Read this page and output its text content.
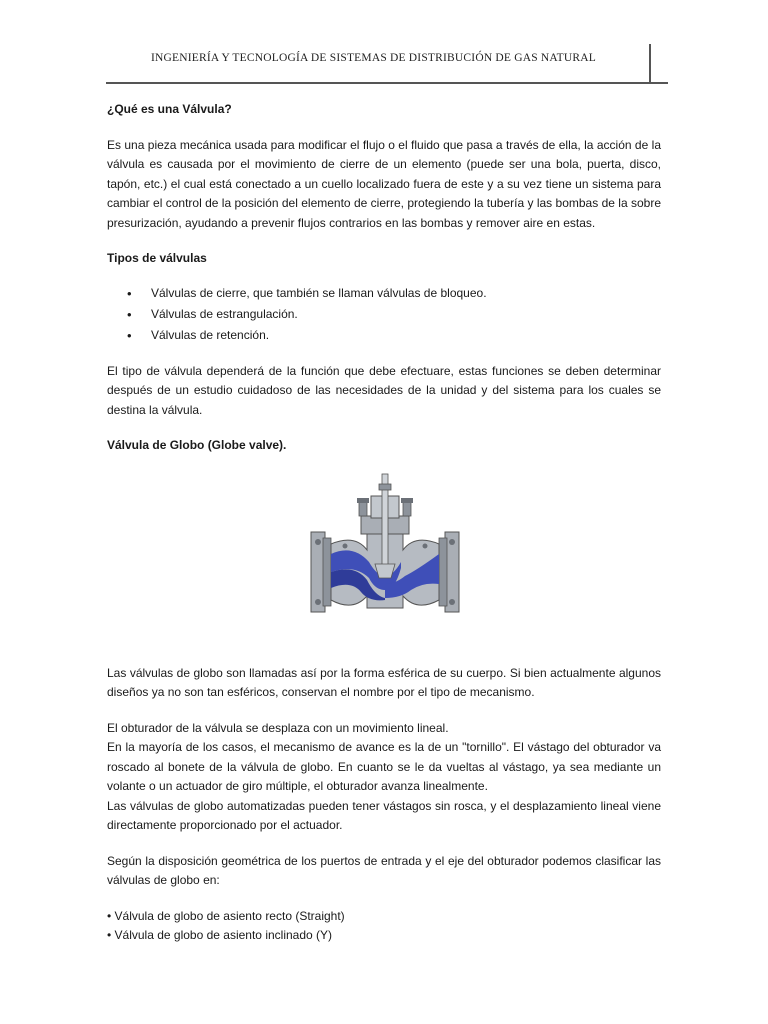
INGENIERÍA Y TECNOLOGÍA DE SISTEMAS DE DISTRIBUCIÓN DE GAS NATURAL

¿Qué es una Válvula?

Es una pieza mecánica usada para modificar el flujo o el fluido que pasa a través de ella, la acción de la válvula es causada por el movimiento de cierre de un elemento (puede ser una bola, puerta, disco, tapón, etc.) el cual está conectado a un cuello localizado fuera de este y a su vez tiene un sistema para cambiar el control de la posición del elemento de cierre, protegiendo la tubería y las bombas de la sobre presurización, ayudando a prevenir flujos contrarios en las bombas y remover aire en estas.

Tipos de válvulas

• Válvulas de cierre, que también se llaman válvulas de bloqueo.
• Válvulas de estrangulación.
• Válvulas de retención.

El tipo de válvula dependerá de la función que debe efectuare, estas funciones se deben determinar después de un estudio cuidadoso de las necesidades de la unidad y del sistema para los cuales se destina la válvula.

Válvula de Globo (Globe valve).

Las válvulas de globo son llamadas así por la forma esférica de su cuerpo. Si bien actualmente algunos diseños ya no son tan esféricos, conservan el nombre por el tipo de mecanismo.

El obturador de la válvula se desplaza con un movimiento lineal.

En la mayoría de los casos, el mecanismo de avance es la de un "tornillo". El vástago del obturador va roscado al bonete de la válvula de globo. En cuanto se le da vueltas al vástago, ya sea mediante un volante o un actuador de giro múltiple, el obturador avanza linealmente.

Las válvulas de globo automatizadas pueden tener vástagos sin rosca, y el desplazamiento lineal viene directamente proporcionado por el actuador.

Según la disposición geométrica de los puertos de entrada y el eje del obturador podemos clasificar las válvulas de globo en:

• Válvula de globo de asiento recto (Straight)
• Válvula de globo de asiento inclinado (Y)
